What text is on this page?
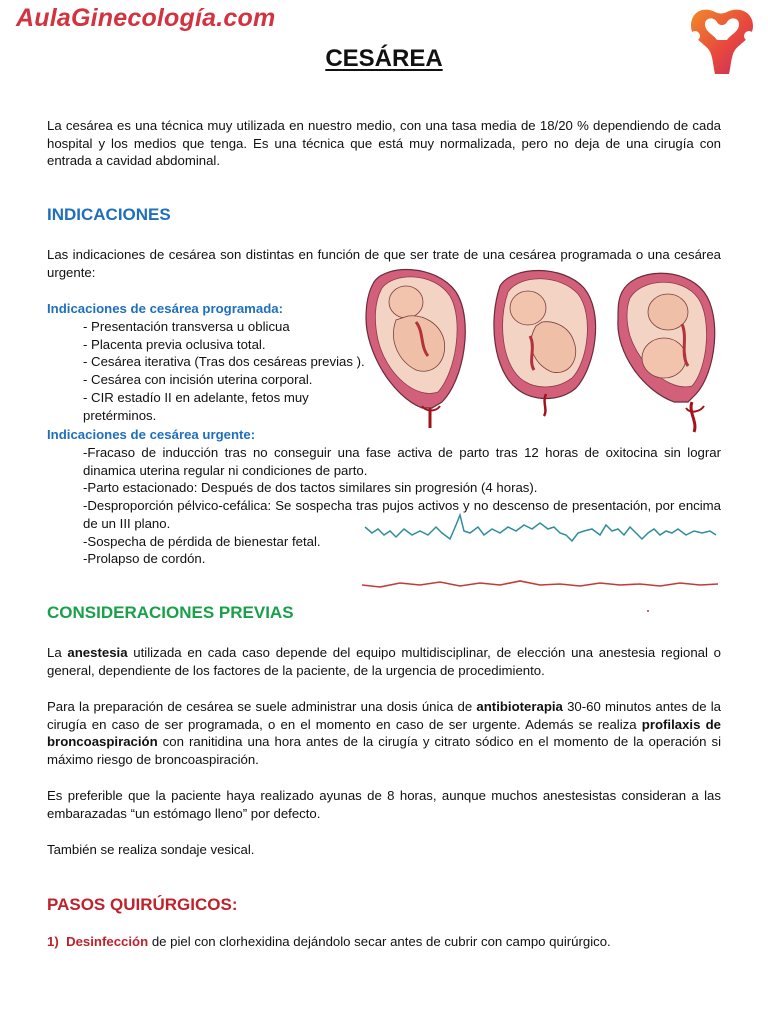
AulaGinecología.com
CESÁREA

La cesárea es una técnica muy utilizada en nuestro medio, con una tasa media de 18/20 % dependiendo de cada hospital y los medios que tenga. Es una técnica que está muy normalizada, pero no deja de una cirugía con entrada a cavidad abdominal.

INDICACIONES

Las indicaciones de cesárea son distintas en función de que ser trate de una cesárea programada o una cesárea urgente:

Indicaciones de cesárea programada:

- Presentación transversa u oblicua
- Placenta previa oclusiva total.
- Cesárea iterativa (Tras dos cesáreas previas ).
- Cesárea con incisión uterina corporal.
- CIR estadío II en adelante, fetos muy pretérminos.

Indicaciones de cesárea urgente:

-Fracaso de inducción tras no conseguir una fase activa de parto tras 12 horas de oxitocina sin lograr dinamica uterina regular ni condiciones de parto.
-Parto estacionado: Después de dos tactos similares sin progresión (4 horas).
-Desproporción pélvico-cefálica: Se sospecha tras pujos activos y no descenso de presentación, por encima de un III plano.
-Sospecha de pérdida de bienestar fetal.
-Prolapso de cordón.
CONSIDERACIONES PREVIAS

La anestesia utilizada en cada caso depende del equipo multidisciplinar, de elección una anestesia regional o general, dependiente de los factores de la paciente, de la urgencia de procedimiento.

Para la preparación de cesárea se suele administrar una dosis única de antibioterapia 30-60 minutos antes de la cirugía en caso de ser programada, o en el momento en caso de ser urgente. Además se realiza profilaxis de broncoaspiración con ranitidina una hora antes de la cirugía y citrato sódico en el momento de la operación si máximo riesgo de broncoaspiración.

Es preferible que la paciente haya realizado ayunas de 8 horas, aunque muchos anestesistas consideran a las embarazadas “un estómago lleno” por defecto.

También se realiza sondaje vesical.

PASOS QUIRÚRGICOS:

1) Desinfección de piel con clorhexidina dejándolo secar antes de cubrir con campo quirúrgico.
